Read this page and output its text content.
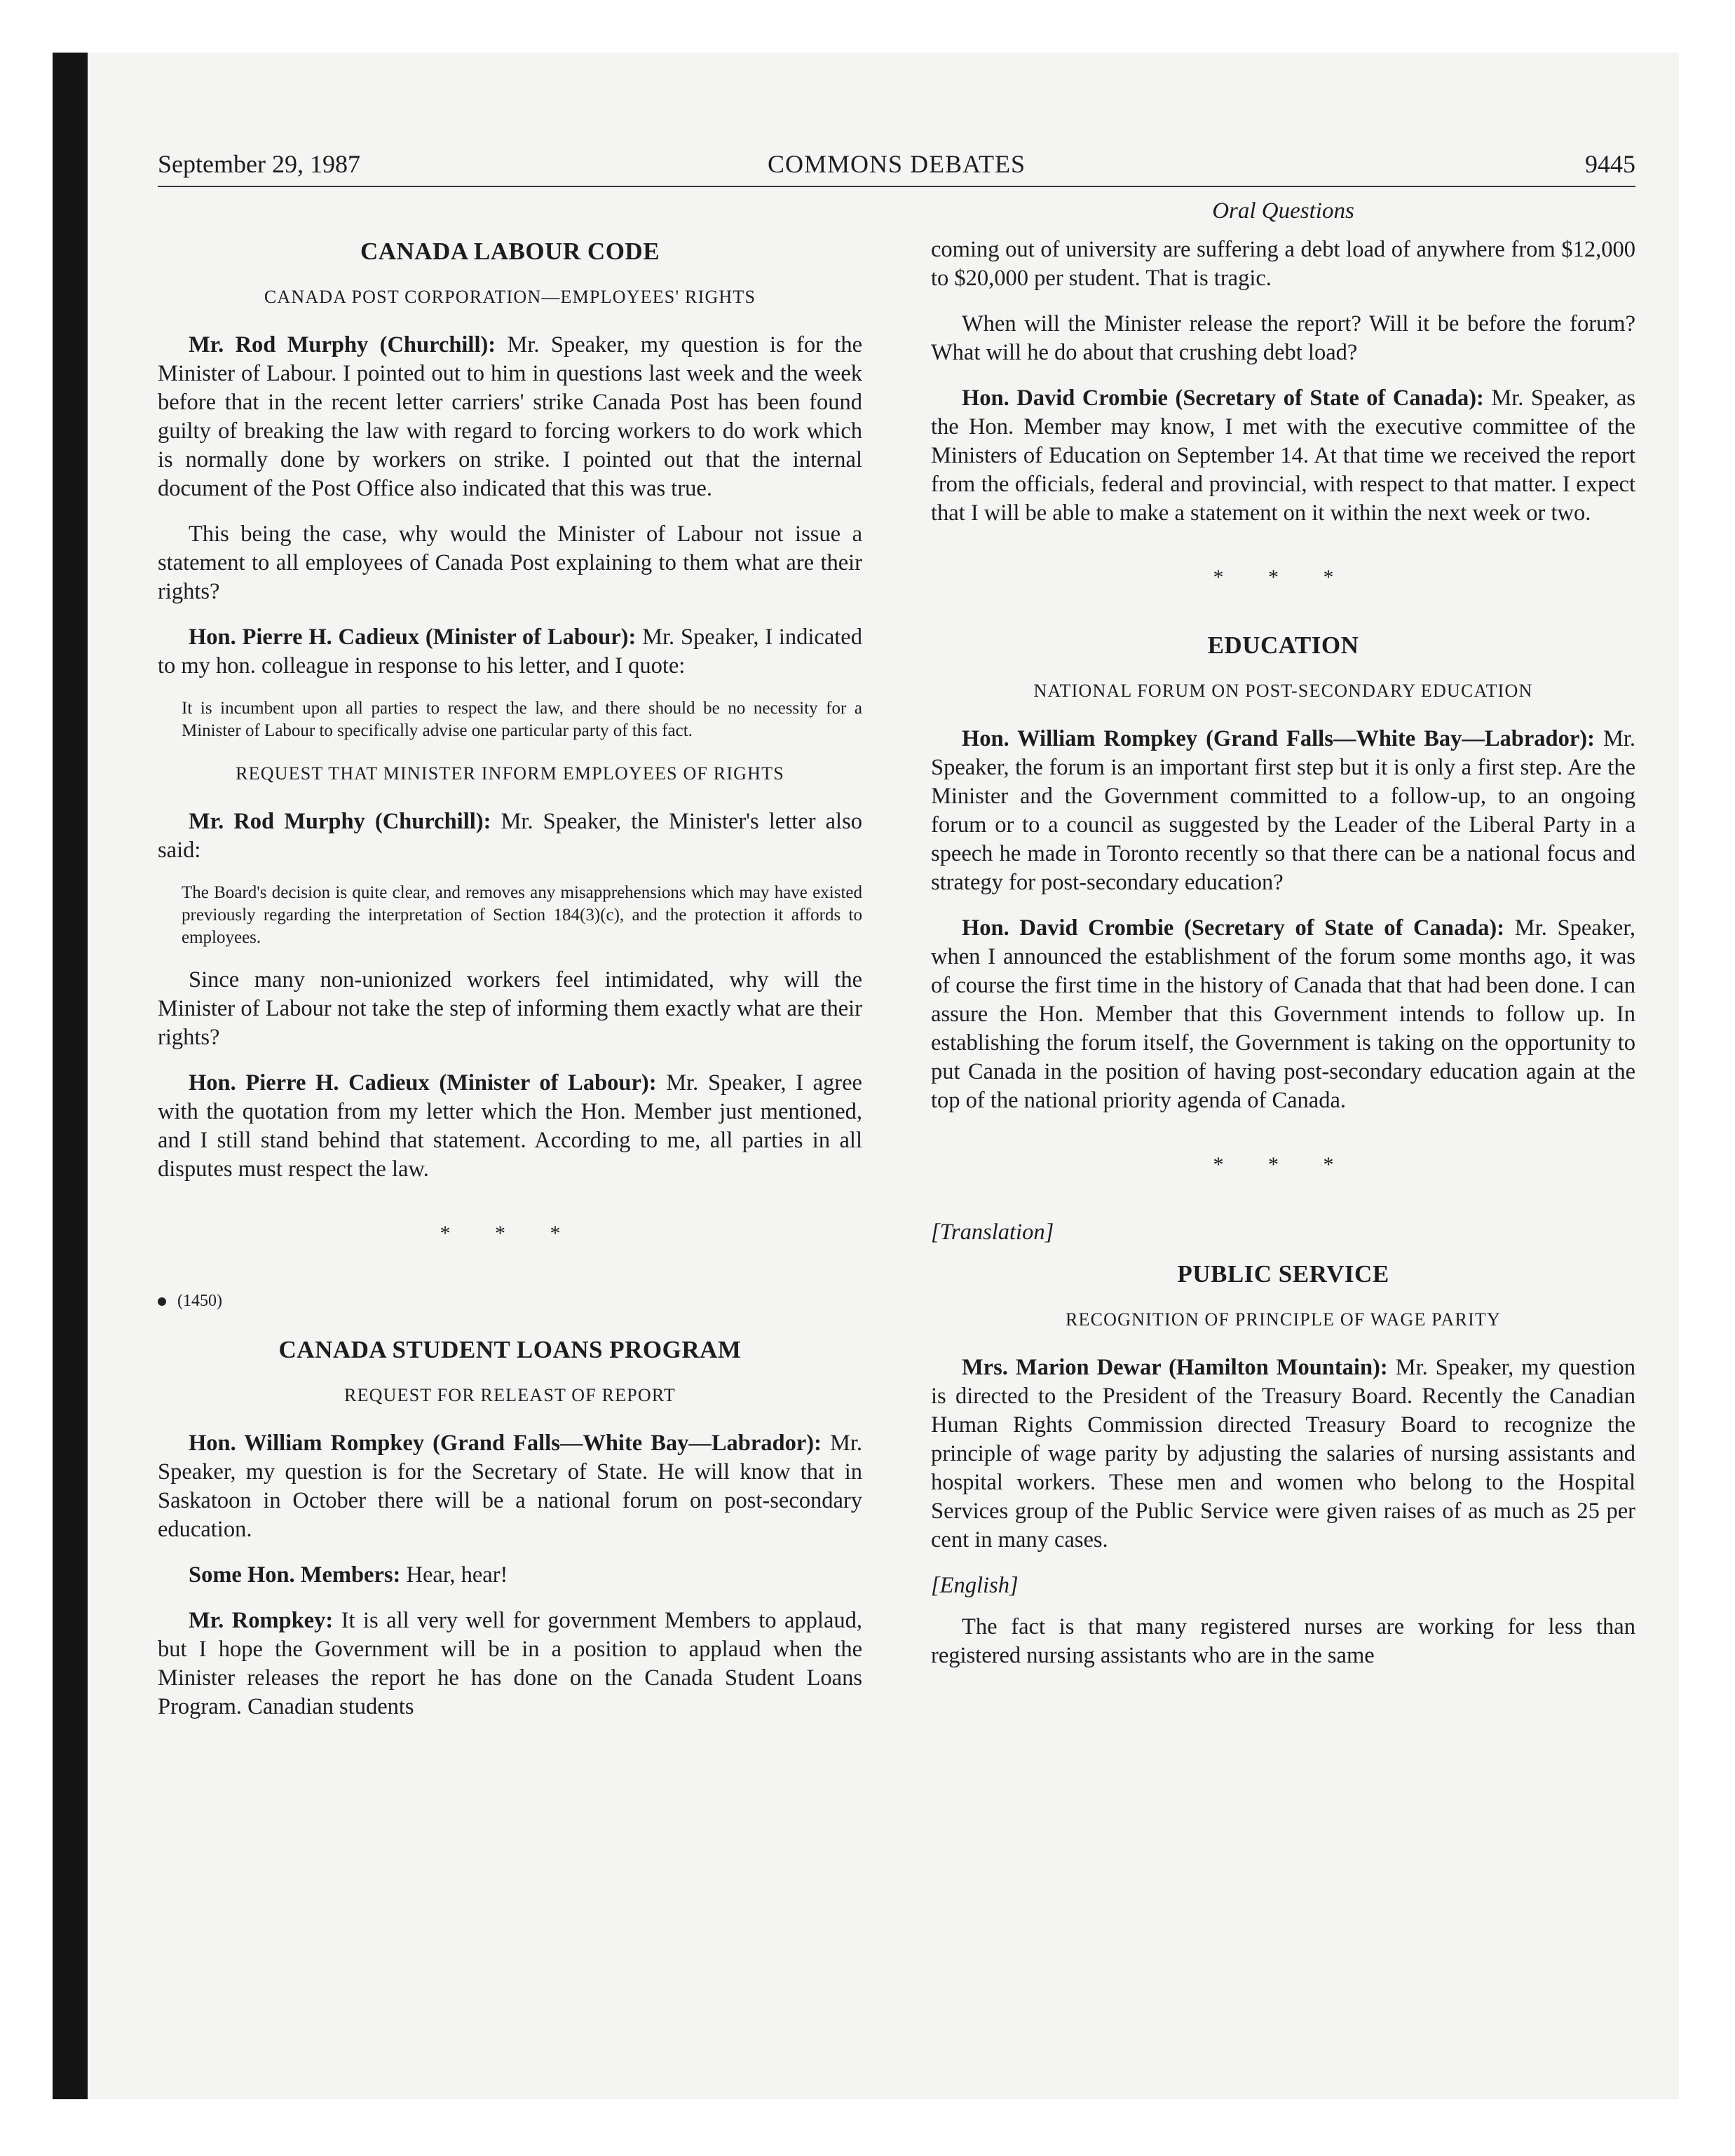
COMMONS DEBATES
September 29, 1987	9445
CANADA LABOUR CODE
CANADA POST CORPORATION—EMPLOYEES' RIGHTS

Mr. Rod Murphy (Churchill): Mr. Speaker, my question is for the Minister of Labour. I pointed out to him in questions last week and the week before that in the recent letter carriers' strike Canada Post has been found guilty of breaking the law with regard to forcing workers to do work which is normally done by workers on strike. I pointed out that the internal document of the Post Office also indicated that this was true.

This being the case, why would the Minister of Labour not issue a statement to all employees of Canada Post explaining to them what are their rights?

Hon. Pierre H. Cadieux (Minister of Labour): Mr. Speaker, I indicated to my hon. colleague in response to his letter, and I quote:

It is incumbent upon all parties to respect the law, and there should be no necessity for a Minister of Labour to specifically advise one particular party of this fact.
REQUEST THAT MINISTER INFORM EMPLOYEES OF RIGHTS

Mr. Rod Murphy (Churchill): Mr. Speaker, the Minister's letter also said:

The Board's decision is quite clear, and removes any misapprehensions which may have existed previously regarding the interpretation of Section 184(3)(c), and the protection it affords to employees.

Since many non-unionized workers feel intimidated, why will the Minister of Labour not take the step of informing them exactly what are their rights?

Hon. Pierre H. Cadieux (Minister of Labour): Mr. Speaker, I agree with the quotation from my letter which the Hon. Member just mentioned, and I still stand behind that statement. According to me, all parties in all disputes must respect the law.

* * *
(1450)
CANADA STUDENT LOANS PROGRAM
REQUEST FOR RELEAST OF REPORT

Hon. William Rompkey (Grand Falls—White Bay—Labrador): Mr. Speaker, my question is for the Secretary of State. He will know that in Saskatoon in October there will be a national forum on post-secondary education.

Some Hon. Members: Hear, hear!

Mr. Rompkey: It is all very well for government Members to applaud, but I hope the Government will be in a position to applaud when the Minister releases the report he has done on the Canada Student Loans Program. Canadian students

Oral Questions

coming out of university are suffering a debt load of anywhere from $12,000 to $20,000 per student. That is tragic.

When will the Minister release the report? Will it be before the forum? What will he do about that crushing debt load?

Hon. David Crombie (Secretary of State of Canada): Mr. Speaker, as the Hon. Member may know, I met with the executive committee of the Ministers of Education on September 14. At that time we received the report from the officials, federal and provincial, with respect to that matter. I expect that I will be able to make a statement on it within the next week or two.

* * *
EDUCATION
NATIONAL FORUM ON POST-SECONDARY EDUCATION

Hon. William Rompkey (Grand Falls—White Bay—Labrador): Mr. Speaker, the forum is an important first step but it is only a first step. Are the Minister and the Government committed to a follow-up, to an ongoing forum or to a council as suggested by the Leader of the Liberal Party in a speech he made in Toronto recently so that there can be a national focus and strategy for post-secondary education?

Hon. David Crombie (Secretary of State of Canada): Mr. Speaker, when I announced the establishment of the forum some months ago, it was of course the first time in the history of Canada that that had been done. I can assure the Hon. Member that this Government intends to follow up. In establishing the forum itself, the Government is taking on the opportunity to put Canada in the position of having post-secondary education again at the top of the national priority agenda of Canada.

* * *

[Translation]

PUBLIC SERVICE
RECOGNITION OF PRINCIPLE OF WAGE PARITY

Mrs. Marion Dewar (Hamilton Mountain): Mr. Speaker, my question is directed to the President of the Treasury Board. Recently the Canadian Human Rights Commission directed Treasury Board to recognize the principle of wage parity by adjusting the salaries of nursing assistants and hospital workers. These men and women who belong to the Hospital Services group of the Public Service were given raises of as much as 25 per cent in many cases.

[English]

The fact is that many registered nurses are working for less than registered nursing assistants who are in the same
